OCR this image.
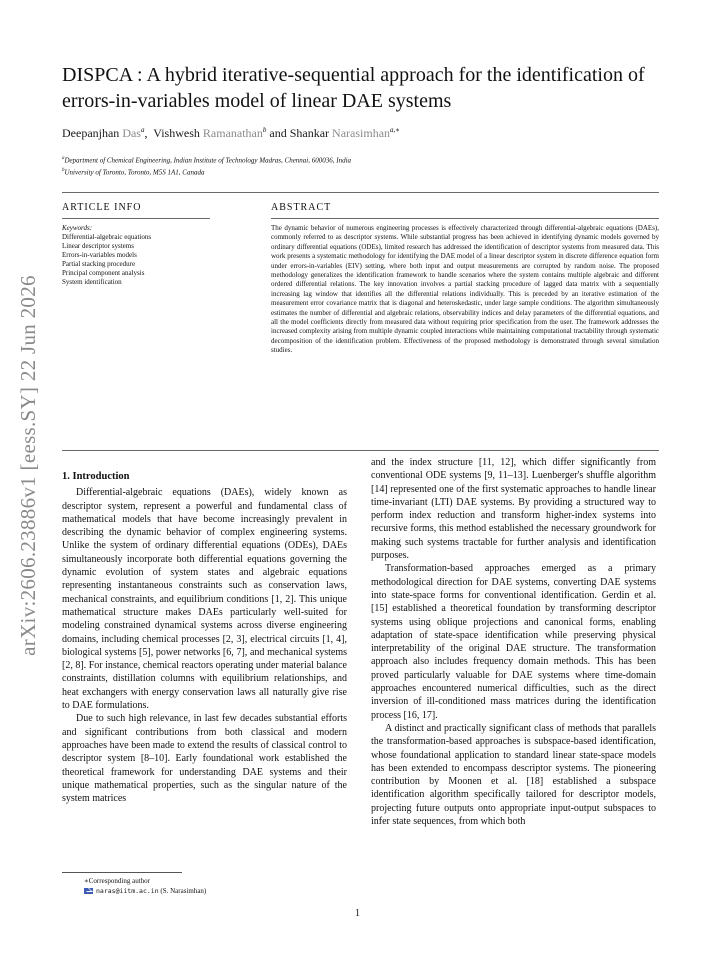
arXiv:2606.23886v1 [eess.SY] 22 Jun 2026
DISPCA : A hybrid iterative-sequential approach for the identification of errors-in-variables model of linear DAE systems
Deepanjhan Das$^a$,  Vishwesh Ramanathan$^b$ and Shankar Narasimhan$^{a,∗}$
$^a$Department of Chemical Engineering, Indian Institute of Technology Madras, Chennai, 600036, India
$^b$University of Toronto, Toronto, M5S 1A1, Canada
ARTICLE INFO	ABSTRACT
Keywords:
Differential-algebraic equations
Linear descriptor systems
Errors-in-variables models
Partial stacking procedure
Principal component analysis
System identification

The dynamic behavior of numerous engineering processes is effectively characterized through differential-algebraic equations (DAEs), commonly referred to as descriptor systems. While substantial progress has been achieved in identifying dynamic models governed by ordinary differential equations (ODEs), limited research has addressed the identification of descriptor systems from measured data. This work presents a systematic methodology for identifying the DAE model of a linear descriptor system in discrete difference equation form under errors-in-variables (EIV) setting, where both input and output measurements are corrupted by random noise. The proposed methodology generalizes the identification framework to handle scenarios where the system contains multiple algebraic and different ordered differential relations. The key innovation involves a partial stacking procedure of lagged data matrix with a sequentially increasing lag window that identifies all the differential relations individually. This is preceded by an iterative estimation of the measurement error covariance matrix that is diagonal and heteroskedastic, under large sample conditions. The algorithm simultaneously estimates the number of differential and algebraic relations, observability indices and delay parameters of the differential equations, and all the model coefficients directly from measured data without requiring prior specification from the user. The framework addresses the increased complexity arising from multiple dynamic coupled interactions while maintaining computational tractability through systematic decomposition of the identification problem. Effectiveness of the proposed methodology is demonstrated through several simulation studies.

1. Introduction

Differential-algebraic equations (DAEs), widely known as descriptor system, represent a powerful and fundamental class of mathematical models that have become increasingly prevalent in describing the dynamic behavior of complex engineering systems. Unlike the system of ordinary differential equations (ODEs), DAEs simultaneously incorporate both differential equations governing the dynamic evolution of system states and algebraic equations representing instantaneous constraints such as conservation laws, mechanical constraints, and equilibrium conditions [1, 2]. This unique mathematical structure makes DAEs particularly well-suited for modeling constrained dynamical systems across diverse engineering domains, including chemical processes [2, 3], electrical circuits [1, 4], biological systems [5], power networks [6, 7], and mechanical systems [2, 8]. For instance, chemical reactors operating under material balance constraints, distillation columns with equilibrium relationships, and heat exchangers with energy conservation laws all naturally give rise to DAE formulations.

Due to such high relevance, in last few decades substantial efforts and significant contributions from both classical and modern approaches have been made to extend the results of classical control to descriptor system [8–10]. Early foundational work established the theoretical framework for understanding DAE systems and their unique mathematical properties, such as the singular nature of the system matrices

and the index structure [11, 12], which differ significantly from conventional ODE systems [9, 11–13]. Luenberger's shuffle algorithm [14] represented one of the first systematic approaches to handle linear time-invariant (LTI) DAE systems. By providing a structured way to perform index reduction and transform higher-index systems into recursive forms, this method established the necessary groundwork for making such systems tractable for further analysis and identification purposes.

Transformation-based approaches emerged as a primary methodological direction for DAE systems, converting DAE systems into state-space forms for conventional identification. Gerdin et al. [15] established a theoretical foundation by transforming descriptor systems using oblique projections and canonical forms, enabling adaptation of state-space identification while preserving physical interpretability of the original DAE structure. The transformation approach also includes frequency domain methods. This has been proved particularly valuable for DAE systems where time-domain approaches encountered numerical difficulties, such as the direct inversion of ill-conditioned mass matrices during the identification process [16, 17].

A distinct and practically significant class of methods that parallels the transformation-based approaches is subspace-based identification, whose foundational application to standard linear state-space models has been extended to encompass descriptor systems. The pioneering contribution by Moonen et al. [18] established a subspace identification algorithm specifically tailored for descriptor models, projecting future outputs onto appropriate input-output subspaces to infer state sequences, from which both

∗Corresponding author
naras@iitm.ac.in (S. Narasimhan)
1
